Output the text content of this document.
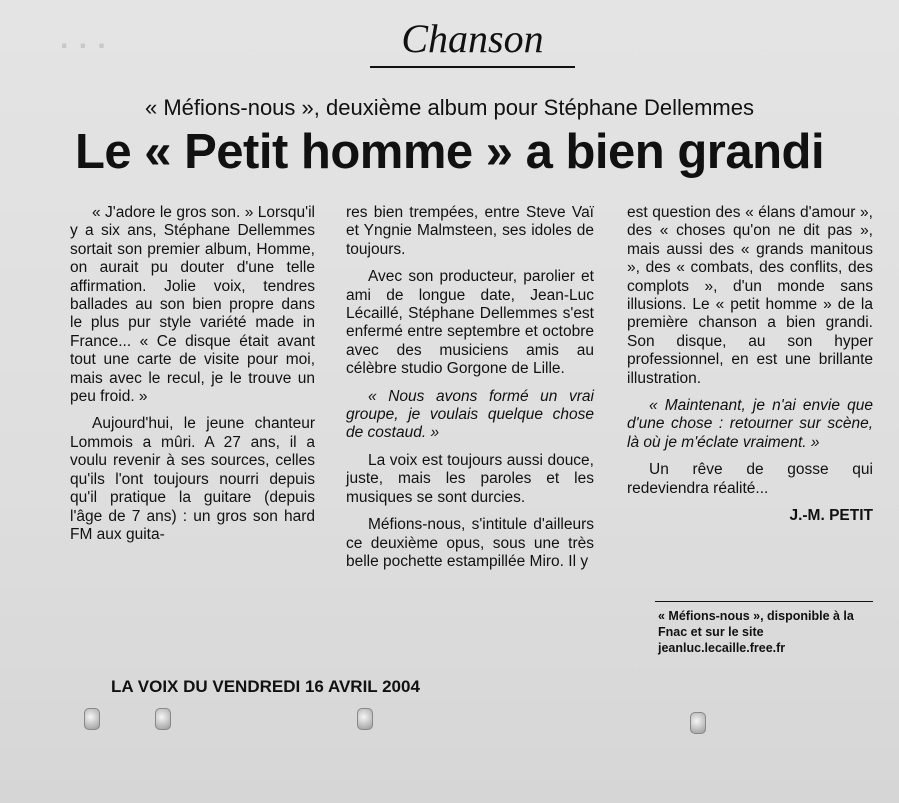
. . .	Chanson
« Méfions-nous », deuxième album pour Stéphane Dellemmes
Le « Petit homme » a bien grandi

« J'adore le gros son. » Lorsqu'il y a six ans, Stéphane Dellemmes sortait son premier album, Homme, on aurait pu douter d'une telle affirmation. Jolie voix, tendres ballades au son bien propre dans le plus pur style variété made in France... « Ce disque était avant tout une carte de visite pour moi, mais avec le recul, je le trouve un peu froid. »

Aujourd'hui, le jeune chanteur Lommois a mûri. A 27 ans, il a voulu revenir à ses sources, celles qu'ils l'ont toujours nourri depuis qu'il pratique la guitare (depuis l'âge de 7 ans) : un gros son hard FM aux guita-

res bien trempées, entre Steve Vaï et Yngnie Malmsteen, ses idoles de toujours.

Avec son producteur, parolier et ami de longue date, Jean-Luc Lécaillé, Stéphane Dellemmes s'est enfermé entre septembre et octobre avec des musiciens amis au célèbre studio Gorgone de Lille.

« Nous avons formé un vrai groupe, je voulais quelque chose de costaud. »

La voix est toujours aussi douce, juste, mais les paroles et les musiques se sont durcies.

Méfions-nous, s'intitule d'ailleurs ce deuxième opus, sous une très belle pochette estampillée Miro. Il y

est question des « élans d'amour », des « choses qu'on ne dit pas », mais aussi des « grands manitous », des « combats, des conflits, des complots », d'un monde sans illusions. Le « petit homme » de la première chanson a bien grandi. Son disque, au son hyper professionnel, en est une brillante illustration.

« Maintenant, je n'ai envie que d'une chose : retourner sur scène, là où je m'éclate vraiment. »

Un rêve de gosse qui redeviendra réalité...

J.-M. PETIT
« Méfions-nous », disponible à la Fnac et sur le site jeanluc.lecaille.free.fr
LA VOIX DU VENDREDI 16 AVRIL 2004
